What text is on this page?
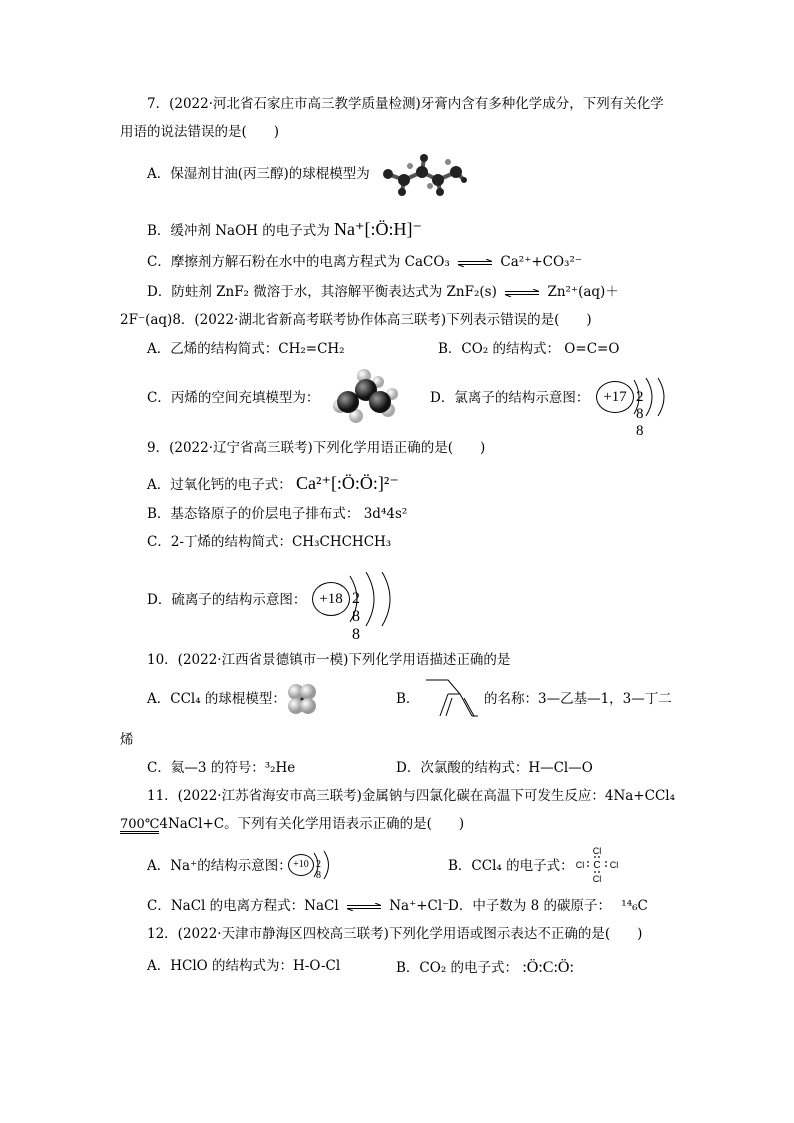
7．(2022·河北省石家庄市高三教学质量检测)牙膏内含有多种化学成分，下列有关化学
用语的说法错误的是(　　)
A．保湿剂甘油(丙三醇)的球棍模型为
B．缓冲剂 NaOH 的电子式为 Na⁺[:Ö:H]⁻
C．摩擦剂方解石粉在水中的电离方程式为 CaCO₃ ⇌ Ca²⁺+CO₃²⁻
D．防蛀剂 ZnF₂ 微溶于水，其溶解平衡表达式为 ZnF₂(s) ⇌ Zn²⁺(aq)＋
2F⁻(aq)8．(2022·湖北省新高考联考协作体高三联考)下列表示错误的是(　　)
A．乙烯的结构简式：CH₂=CH₂	B．CO₂ 的结构式： O=C=O
C．丙烯的空间充填模型为：	D．氯离子的结构示意图： +17 2 8 8
9．(2022·辽宁省高三联考)下列化学用语正确的是(　　)
A．过氧化钙的电子式： Ca²⁺[:Ö:Ö:]²⁻
B．基态铬原子的价层电子排布式： 3d⁴4s²
C．2-丁烯的结构简式：CH₃CHCHCH₃
D．硫离子的结构示意图： +18 2 8 8
10．(2022·江西省景德镇市一模)下列化学用语描述正确的是
A．CCl₄ 的球棍模型：	B．	的名称：3—乙基—1，3—丁二
烯
C．氦—3 的符号：³₂He	D．次氯酸的结构式：H—Cl—O
11．(2022·江苏省海安市高三联考)金属钠与四氯化碳在高温下可发生反应：4Na+CCl₄
700℃4NaCl+C。下列有关化学用语表示正确的是(　　)
A．Na⁺的结构示意图： +10 2 8
B．CCl₄ 的电子式：
Cl
C
Cl	Cl
Cl
C．NaCl 的电离方程式：NaCl ⇌ Na⁺+Cl⁻
D．中子数为 8 的碳原子： ¹⁴₆C
12．(2022·天津市静海区四校高三联考)下列化学用语或图示表达不正确的是(　　)
A．HClO 的结构式为：H-O-Cl	B．CO₂ 的电子式： :Ö:C:Ö:
